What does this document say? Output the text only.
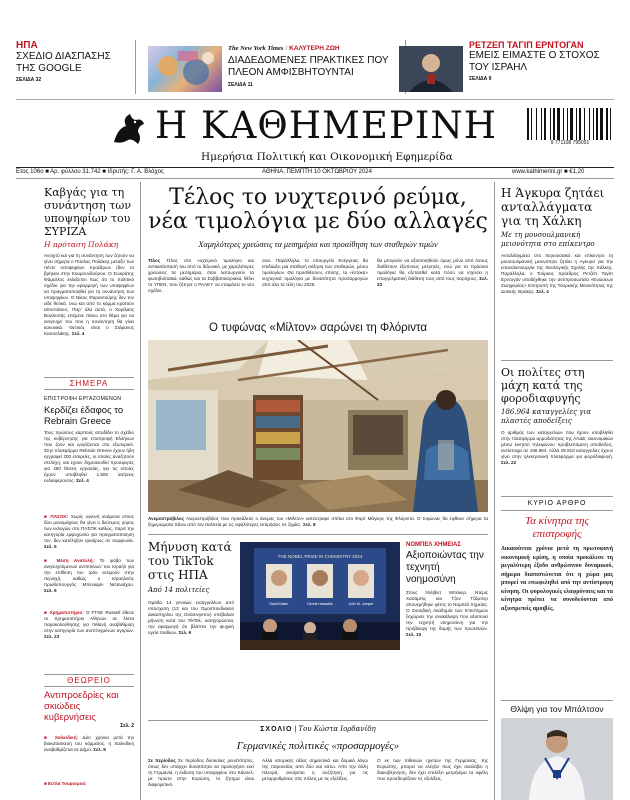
ΗΠΑ
ΣΧΕΔΙΟ ΔΙΑΣΠΑΣΗΣ ΤΗΣ GOOGLE
ΣΕΛΙΔΑ 32
The New York Times / ΚΑΛΥΤΕΡΗ ΖΩΗ
ΔΙΑΔΕΔΟΜΕΝΕΣ ΠΡΑΚΤΙΚΕΣ ΠΟΥ ΠΛΕΟΝ ΑΜΦΙΣΒΗΤΟΥΝΤΑΙ
ΣΕΛΙΔΑ 11
ΡΕΤΖΕΠ ΤΑΓΙΠ ΕΡΝΤΟΓΑΝ
ΕΜΕΙΣ ΕΙΜΑΣΤΕ Ο ΣΤΟΧΟΣ ΤΟΥ ΙΣΡΑΗΛ
ΣΕΛΙΔΑ 9
Η ΚΑΘΗΜΕΡΙΝΗ
Ημερήσια Πολιτική και Οικονομική Εφημερίδα
9 771108 795091
Ετος 106ο ■ Αρ. φύλλου 31.742 ■ Ιδρυτής: Γ. Α. Βλάχος	ΑΘΗΝΑ, ΠΕΜΠΤΗ 10 ΟΚΤΩΒΡΙΟΥ 2024	www.kathimerini.gr ■ €1,20
Καβγάς για τη συνάντηση των υποψηφίων του ΣΥΡΙΖΑ
Η πρόταση Πολάκη
Ανοιχτό και για τη συνάντηση των ζητούν να γίνει σήμερα ο Παύλος Πολάκης μεταξύ των πέντε υποψηφίων προέδρων (δεν το βρήκαν στην Κουμουνδούρου. Ο Σωκράτης Φάμελλος έκλεξεπει πως ότι το πολιτικό σχέδιο για την εφαρμογή των υποψηφίων να πραγματοποιηθεί για τη συνάντηση των υποψηφίων. Ο Νίκος Φαραντούρης δεν τον είδε θετικά, ενώ και από το κόμμα κρατούν αποστάσεις. Παρ' όλα αυτά, ο Χαρίλαος Βουλευτής επέμενε πάνω στο θέμα για να ανησυχεί του που η συνάντηση θα γίνει κανονικά. Θετικός είναι ο Στέφανος Κασσελάκης. Σελ. 4
ΣΗΜΕΡΑ
ΕΠΙΣΤΡΟΦΗ ΕΡΓΑΖΟΜΕΝΩΝ
Κερδίζει έδαφος το Rebrain Greece
Τους πρώτους καρπούς αποδίδει το σχέδιο της κυβέρνησης για επιστροφή Ελλήνων που ζουν και εργάζονται στο εξωτερικό. Στην πλατφόρμα Rebrain Greece έχουν ήδη εγγραφεί 200 εταιρείες, οι οποίες αναζητούν στελέχη, και έχουν δημοσιευθεί προσφορές για 450 θέσεις εργασίας, για τις οποίες έχουν υποβληθεί 1.500 αιτήσεις ενδιαφέροντος. Σελ. 4
■ ΠΑΣΟΚ: Χωρίς υγιεινή ανάμεσα στους δύο μονομάχους θα γίνει ο δεύτερος γύρος των εκλογών στο ΠΑΣΟΚ καθώς, παρά την κατηγορία εμψυχωνία για πραγματοποίηση τον. δεν κατέληξαν εγκαίρως σε συμφωνία. Σελ. 5
■ Μέση Ανατολή: Το φόβο των ανησυχούμενων αντιποίνων του Ισραήλ για την επίθεση του Ιράν εκτιμούν στην περιοχή, καθώς ο Ισραηλινός πρωθυπουργός Μπενιαμίν Νετανιάχου. Σελ. 9
■ Χρηματιστήριο: Ο FTSE Russell έθεσε το Χρηματιστήριο Αθηνών σε λίστα παρακολούθησης για πιθανή αναβάθμιση στην κατηγορία των ανεπτυγμένων αγορών. Σελ. 23
ΘΕΩΡΕΙΟ
Αντιπροεδρίες και σκιώδεις κυβερνήσεις
Σελ. 2
■ Χαλκιδική: Δύο χρόνια μετά την βιοκατασκευή του κόμματος, η Χαλκιδική αναβαθμίζεται σε Δήμο. Σελ. 8
■ Εστία Τουρισμού:
Τέλος το νυχτερινό ρεύμα, νέα τιμολόγια με δύο αλλαγές
Χαμηλότερες χρεώσεις τα μεσημέρια και προαίθηση των σταθερών τιμών
Τέλος Τέλος στο νυχτερινό τιμολόγιο και αντικατάστασή του από το διζωνικό, με χαμηλότερες χρεώσεις τα μεσημέρια, όταν λειτουργούν τα φωτοβολταϊκά, καθώς και τα Σαββατοκύριακα, θέλει το ΥΠΕΝ, που ζήτησε ο ΡΑΑΕΥ να ετοιμάσει το νέο σχέδιο.
ύσει. Παράλληλα, το υπουργείο Ενέργειας θα επιδιώξει μια σταθερή αύξηση των σταθερών, μέσω τιμολογίων. Θα προσθέσουν, επίσης, τα «έντοκα» νυχτερινά τιμολόγια με δυνατότητα προσαρμογών από όλα τα τέλη του 2025.
θα μπορούν να αξιοποιηθούν όμως μόνο από όσους διαθέτουν έξυπνους μετρητές, ενώ για τα πράσινα τιμολόγια θα εξετασθεί κατά πόσο να ισχύσει η επαγγελματική διάθεση τους από τους παρόχους. Σελ. 23
Ο τυφώνας «Μίλτον» σαρώνει τη Φλόριντα
Ανεμοστρόβιλος Ανεμοστρόβιλος που προκάλεσε ο άνεμος του «Μίλτον» κατέστρεψε σπίτια στο Φορτ Μάγιερς της Φλόριντα. Ο τυφώνας θα έφθανε σήμερα τα ξημερώματα πάνω από τον πολιτεία με τις υψηλότερες εκτιμήσεις σε ζημίες. Σελ. 8
Μήνυση κατά του TikTok στις ΗΠΑ
Από 14 πολιτείες
Ομάδα 14 γενικών εισαγγελέων από υπόσχεση (13 και του Ομοσπονδιακού Δικαστηρίου της Ουάσινγκτον) υπέβαλαν μήνυση κατά του TikTok, κατηγορώντας την εφαρμογή ότι βλάπτει την ψυχική υγεία παιδιών. Σελ. 9
THE NOBEL PRIZE IN CHEMISTRY 2024
David Baker	Demis Hassabis	John M. Jumper
ΝΟΜΠΕΛ ΧΗΜΕΙΑΣ
Αξιοποιώντας την τεχνητή νοημοσύνη
Στους Ντέιβιντ Μπέικερ, Ντέμις Χασάμπις και Τζον Τζάμπερ απονεμήθηκε φέτος το Νομπέλ Χημείας. Ο Σουηδική Ακαδημία των Επιστημών ξεχώρισε την ανακάλυψη που αξιοποιεί την τεχνητή νοημοσύνη για την πρόβλεψη της δομής των πρωτεϊνών. Σελ. 10
ΣΧΟΛΙΟ | Του Κώστα Ιορδανίδη
Γερμανικές πολιτικές «προσαρμογές»
Σε περίοδος Σε περίοδος δύσκολες ρευστότητος, όπως δεν υπάρχει δυνατότητα να τιμολογήσει εκεί τη Γερμανία, η έκδοση του υποψηφίου στο Κάνσελ, με πρώτο στην Ευρώπη, το ζήτημα είναι διαφορετικό.
Αλλά ιστορικής αξίας σημαντικά και δομικά λόγω της παρουσίας από δύο και κάτω. Από την άλλη πλευρά, ανοίγεται η συζήτηση για τις μεταρρυθμίσεις στις πόλεις με τις εξελίξεις.
Ο εκ των πιθανών ηγετών της Γερμανίας, της Ευρώπης, μπορεί να ελέγξει πως έχει αναλάβει η διακυβέρνηση, δεν έχει επιλέξει μετρήσιμα τα οφέλη που προσδιορίζουν τις εξελίξεις.
Η Άγκυρα ζητάει ανταλλάγματα για τη Χάλκη
Με τη μουσουλμανική μειονότητα στο επίκεντρο
Ανταλλάγματα στο περιουσιακό και επίκεντρο τη μουσουλμανική μειονότητα ζητάει η Αγκυρα για την επαναλειτουργία της Θεολογικής Σχολής της Χάλκης. Παράλληλα, ο Τούρκος πρόεδρος Ρετζέπ Ταγίπ Ερντογάν υποδέχθηκε την αντιπροσωπεία «Ενώσεων Ζωηφορίας» Επιτροπή της Τουρκικής Μειονότητας της Δυτικής Θράκης. Σελ. 4
Οι πολίτες στη μάχη κατά της φοροδιαφυγής
186.964 καταγγελίες για πλαστές αποδείξεις
Ο αριθμός των καταγγελιών που έχουν υποβληθεί στην πλατφόρμα αρμοδιότητας της ΑΑΔΕ, οικονομικών μέσω κινητού τηλεφώνου προβλεπόμενη αποδείξεις, αντίστοιχα σε 186.964. Αλλά 28.910 καταγγελίες έχουν γίνει στην ηλεκτρονική πλατφόρμα για φοροδιαφυγή. Σελ. 22
ΚΥΡΙΟ ΑΡΘΡΟ
Τα κίνητρα της επιστροφής
Δικαιούνται χρόνια μετά τη πρωτοφανή οικονομική κρίση, η οποία προκάλεσε τη μεγαλύτερη έξοδο ανθρώπινου δυναμικού, σήμερα διαπιστώνεται ότι η χώρα μας μπορεί να επωφεληθεί από την αντίστροφη κίνηση. Οι φορολογικές ελαφρύνσεις και τα κίνητρα πρέπει να συνοδεύονται από αξιοπρεπείς αμοιβές.
Θλίψη για τον Μπάλτσον
